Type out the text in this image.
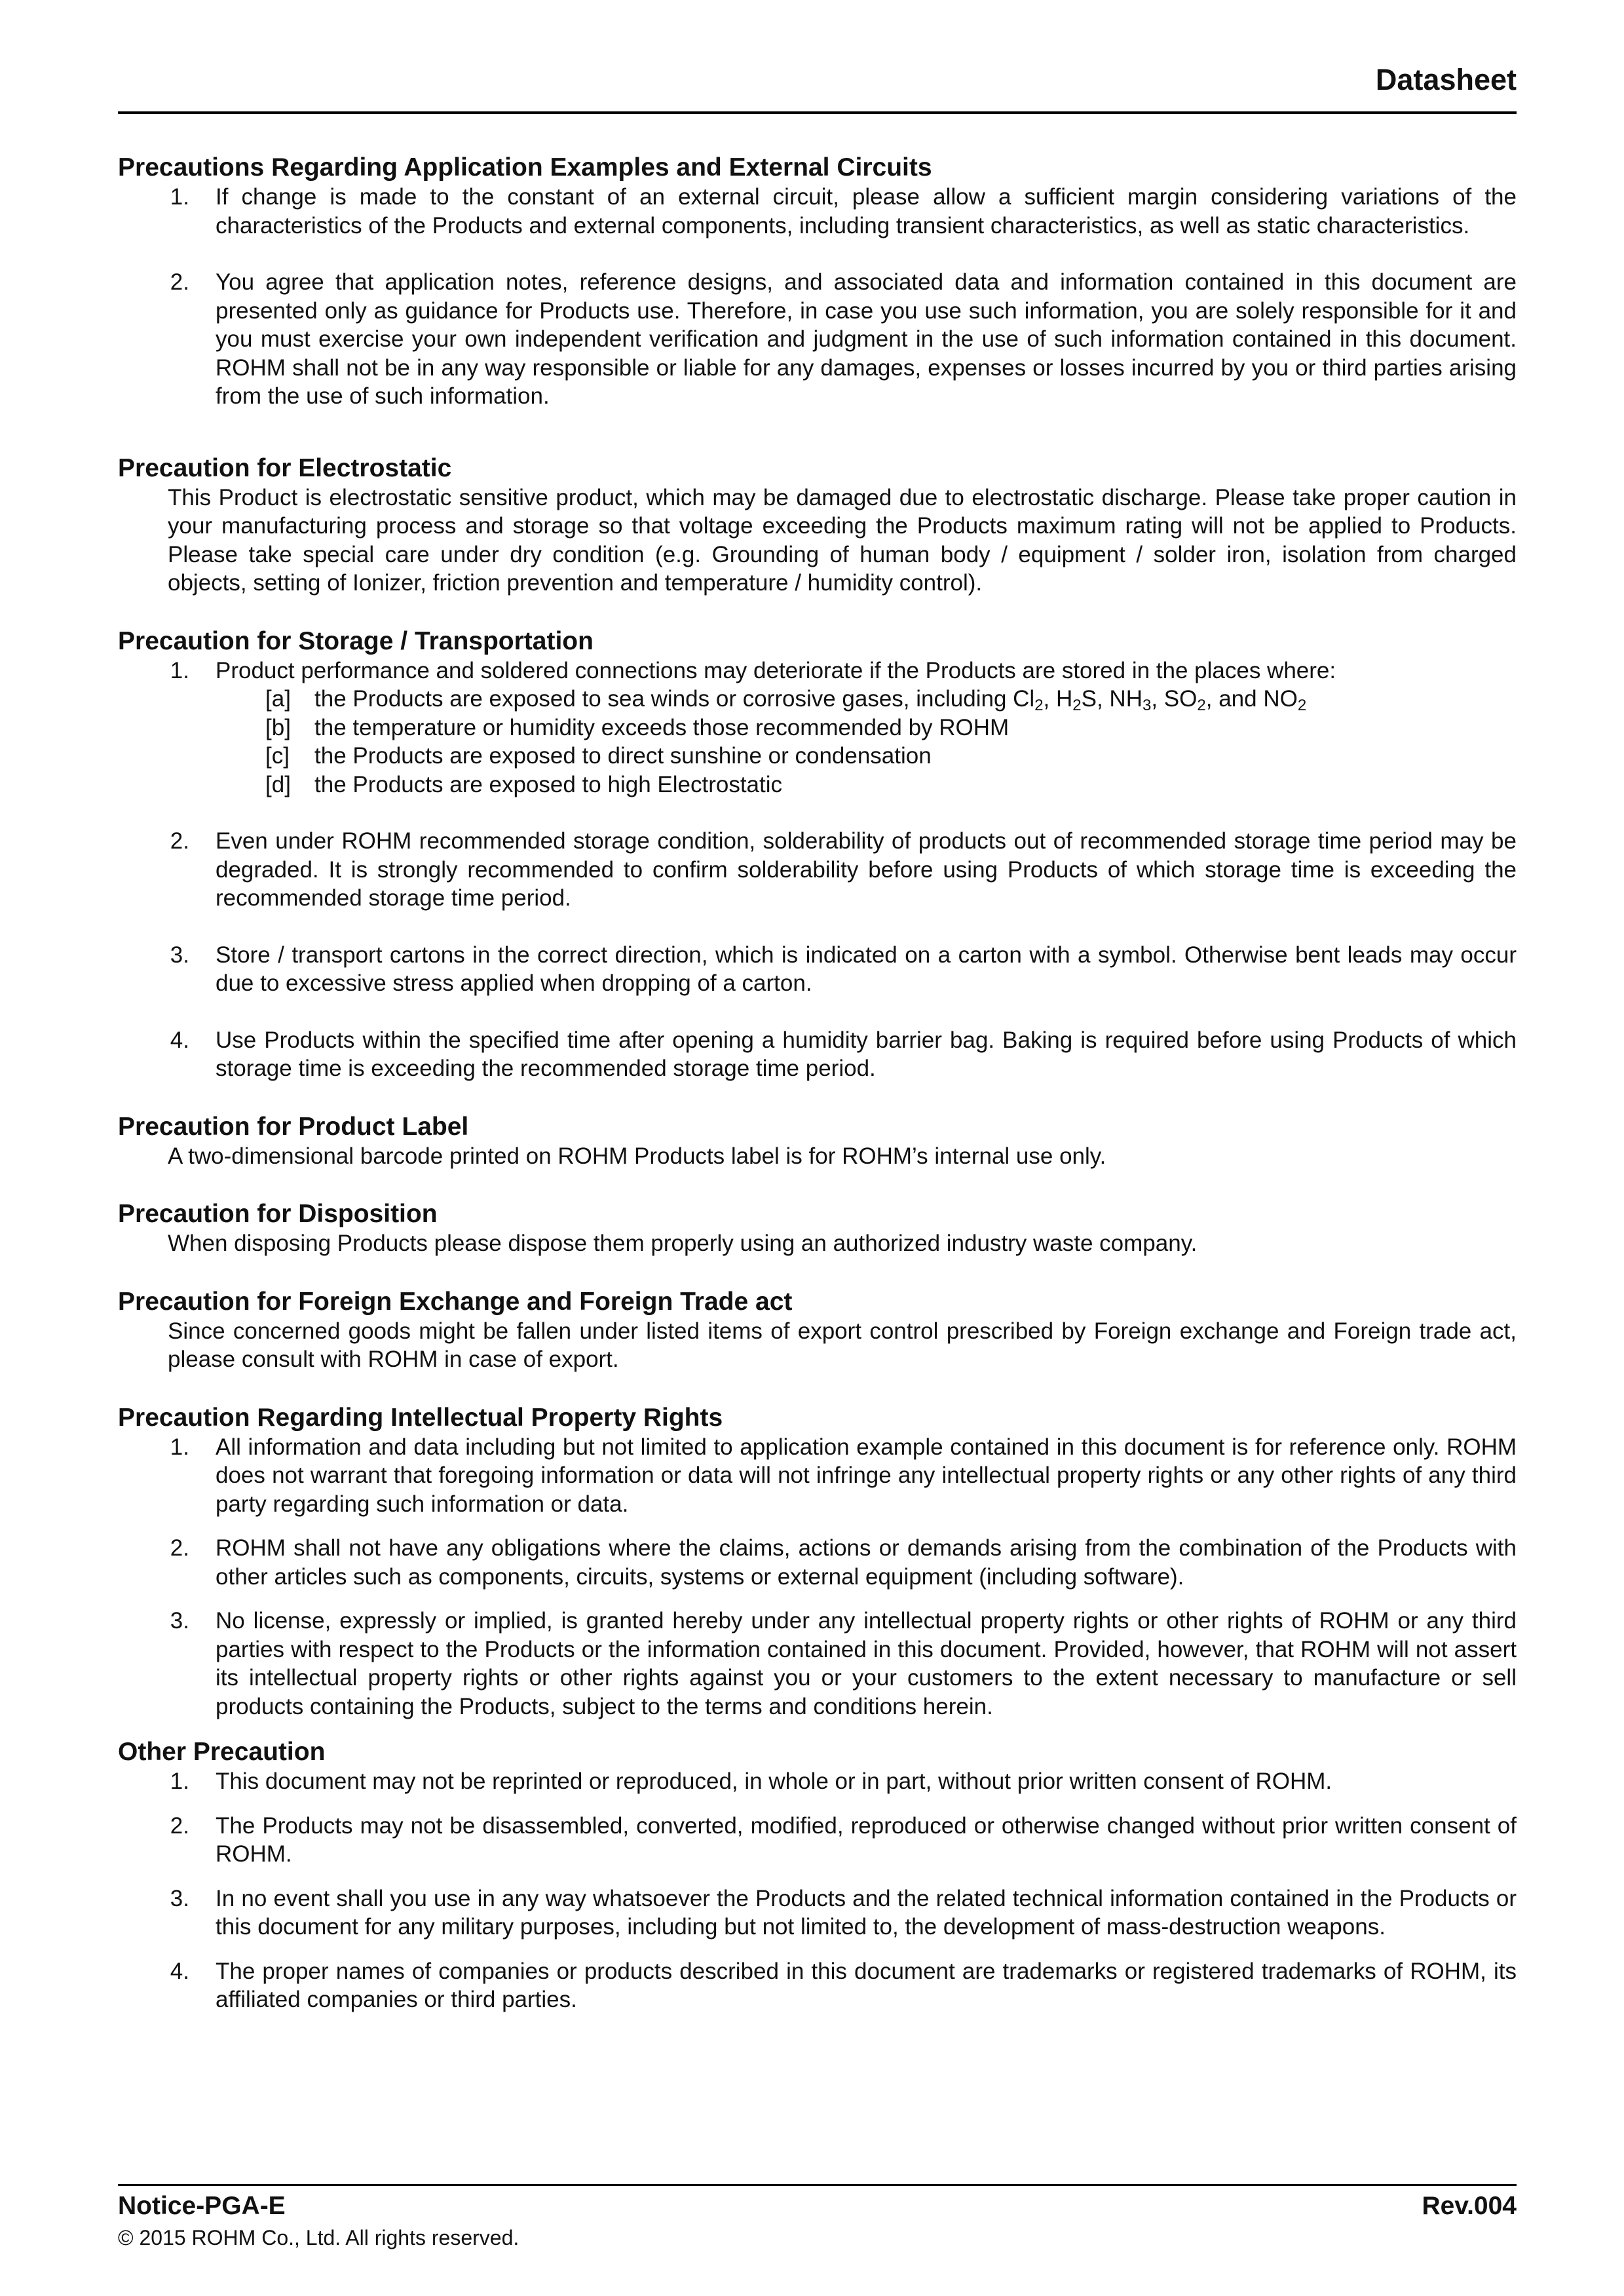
Datasheet
Precautions Regarding Application Examples and External Circuits
1.	If change is made to the constant of an external circuit, please allow a sufficient margin considering variations of the characteristics of the Products and external components, including transient characteristics, as well as static characteristics.
2.	You agree that application notes, reference designs, and associated data and information contained in this document are presented only as guidance for Products use. Therefore, in case you use such information, you are solely responsible for it and you must exercise your own independent verification and judgment in the use of such information contained in this document. ROHM shall not be in any way responsible or liable for any damages, expenses or losses incurred by you or third parties arising from the use of such information.
Precaution for Electrostatic

This Product is electrostatic sensitive product, which may be damaged due to electrostatic discharge. Please take proper caution in your manufacturing process and storage so that voltage exceeding the Products maximum rating will not be applied to Products. Please take special care under dry condition (e.g. Grounding of human body / equipment / solder iron, isolation from charged objects, setting of Ionizer, friction prevention and temperature / humidity control).

Precaution for Storage / Transportation
1.	Product performance and soldered connections may deteriorate if the Products are stored in the places where:
[a]	the Products are exposed to sea winds or corrosive gases, including $Cl_2$, $H_2S$, $NH_3$, $SO_2$, and $NO_2$
[b]	the temperature or humidity exceeds those recommended by ROHM
[c]	the Products are exposed to direct sunshine or condensation
[d]	the Products are exposed to high Electrostatic
2.	Even under ROHM recommended storage condition, solderability of products out of recommended storage time period may be degraded. It is strongly recommended to confirm solderability before using Products of which storage time is exceeding the recommended storage time period.
3.	Store / transport cartons in the correct direction, which is indicated on a carton with a symbol. Otherwise bent leads may occur due to excessive stress applied when dropping of a carton.
4.	Use Products within the specified time after opening a humidity barrier bag. Baking is required before using Products of which storage time is exceeding the recommended storage time period.
Precaution for Product Label

A two-dimensional barcode printed on ROHM Products label is for ROHM’s internal use only.

Precaution for Disposition

When disposing Products please dispose them properly using an authorized industry waste company.

Precaution for Foreign Exchange and Foreign Trade act

Since concerned goods might be fallen under listed items of export control prescribed by Foreign exchange and Foreign trade act, please consult with ROHM in case of export.

Precaution Regarding Intellectual Property Rights
1.	All information and data including but not limited to application example contained in this document is for reference only. ROHM does not warrant that foregoing information or data will not infringe any intellectual property rights or any other rights of any third party regarding such information or data.
2.	ROHM shall not have any obligations where the claims, actions or demands arising from the combination of the Products with other articles such as components, circuits, systems or external equipment (including software).
3.	No license, expressly or implied, is granted hereby under any intellectual property rights or other rights of ROHM or any third parties with respect to the Products or the information contained in this document. Provided, however, that ROHM will not assert its intellectual property rights or other rights against you or your customers to the extent necessary to manufacture or sell products containing the Products, subject to the terms and conditions herein.
Other Precaution
1.	This document may not be reprinted or reproduced, in whole or in part, without prior written consent of ROHM.
2.	The Products may not be disassembled, converted, modified, reproduced or otherwise changed without prior written consent of ROHM.
3.	In no event shall you use in any way whatsoever the Products and the related technical information contained in the Products or this document for any military purposes, including but not limited to, the development of mass-destruction weapons.
4.	The proper names of companies or products described in this document are trademarks or registered trademarks of ROHM, its affiliated companies or third parties.
Notice-PGA-E	Rev.004
© 2015 ROHM Co., Ltd. All rights reserved.
